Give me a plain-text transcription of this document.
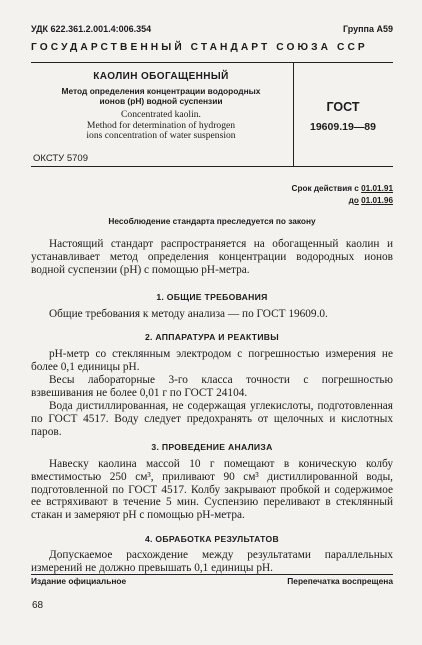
УДК 622.361.2.001.4:006.354	Группа А59
ГОСУДАРСТВЕННЫЙ СТАНДАРТ СОЮЗА ССР
КАОЛИН ОБОГАЩЕННЫЙ
Метод определения концентрации водородных
ионов (рН) водной суспензии
Concentrated kaolin.
Method for determination of hydrogen
ions concentration of water suspension
ГОСТ
19609.19—89
ОКСТУ 5709
Срок действия с 01.01.91
до 01.01.96
Несоблюдение стандарта преследуется по закону
Настоящий стандарт распространяется на обогащенный каолин и устанавливает метод определения концентрации водородных ионов водной суспензии (рН) с помощью рН-метра.
1. ОБЩИЕ ТРЕБОВАНИЯ
Общие требования к методу анализа — по ГОСТ 19609.0.
2. АППАРАТУРА И РЕАКТИВЫ
рН-метр со стеклянным электродом с погрешностью измерения не более 0,1 единицы рН.
Весы лабораторные 3-го класса точности с погрешностью взвешивания не более 0,01 г по ГОСТ 24104.
Вода дистиллированная, не содержащая углекислоты, подготовленная по ГОСТ 4517. Воду следует предохранять от щелочных и кислотных паров.
3. ПРОВЕДЕНИЕ АНАЛИЗА
Навеску каолина массой 10 г помещают в коническую колбу вместимостью 250 см³, приливают 90 см³ дистиллированной воды, подготовленной по ГОСТ 4517. Колбу закрывают пробкой и содержимое ее встряхивают в течение 5 мин. Суспензию переливают в стеклянный стакан и замеряют рН с помощью рН-метра.
4. ОБРАБОТКА РЕЗУЛЬТАТОВ
Допускаемое расхождение между результатами параллельных измерений не должно превышать 0,1 единицы рН.
Издание официальное	Перепечатка воспрещена
68
